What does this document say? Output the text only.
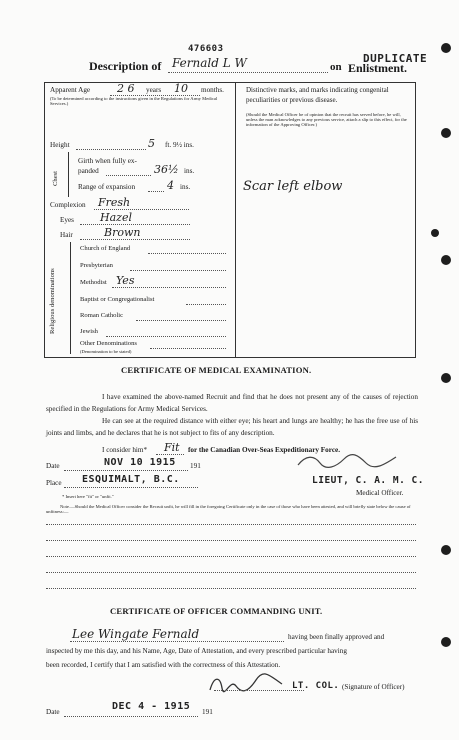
476603
Description of Fernald L W	on
DUPLICATE
Enlistment.
Apparent Age 2 6 years 10 months.
(To be determined according to the instructions given in the Regulations for Army Medical Services.)
Height	5 ft. 9½ ins.
Chest
Girth when fully ex-
panded	36½ ins.
Range of expansion	4 ins.
Complexion Fresh
Eyes Hazel
Hair	Brown
Religious denominations
Church of England
Presbyterian
Methodist Yes
Baptist or Congregationalist
Roman Catholic
Jewish
Other Denominations
(Denomination to be stated)
Distinctive marks, and marks indicating congenital
peculiarities or previous disease.
(Should the Medical Officer be of opinion that the recruit has served before, he will, unless the man acknowledges to any previous service, attach a slip to this effect, for the information of the Approving Officer.)
Scar left elbow
CERTIFICATE OF MEDICAL EXAMINATION.
I have examined the above-named Recruit and find that he does not present any of the causes of rejection specified in the Regulations for Army Medical Services.
He can see at the required distance with either eye; his heart and lungs are healthy; he has the free use of his joints and limbs, and he declares that he is not subject to fits of any description.
I consider him* Fit for the Canadian Over-Seas Expeditionary Force.
Date	NOV 10 1915 191
Place ESQUIMALT, B.C.	LIEUT, C. A. M. C.
Medical Officer.
* Insert here "fit" or "unfit."
Note.—Should the Medical Officer consider the Recruit unfit, he will fill in the foregoing Certificate only in the case of those who have been attested, and will briefly state below the cause of unfitness:—
CERTIFICATE OF OFFICER COMMANDING UNIT.
Lee Wingate Fernald	having been finally approved and
inspected by me this day, and his Name, Age, Date of Attestation, and every prescribed particular having
been recorded, I certify that I am satisfied with the correctness of this Attestation.
LT. COL. (Signature of Officer)
Date	DEC 4 - 1915 191
